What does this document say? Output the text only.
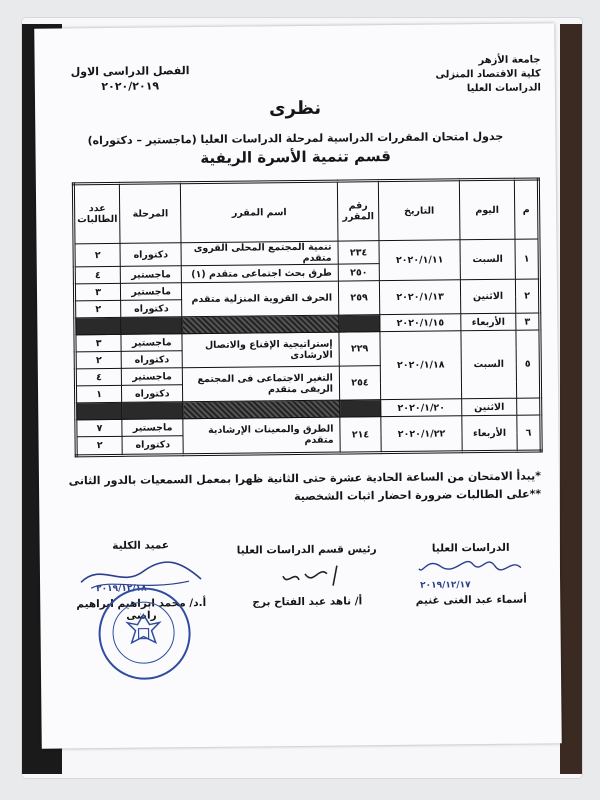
جامعة الأزهر
كلية الاقتصاد المنزلى
الدراسات العليا
الفصل الدراسى الاول
٢٠٢٠/٢٠١٩
نظرى
جدول امتحان المقررات الدراسية لمرحلة الدراسات العليا (ماجستير – دكتوراه)
قسم تنمية الأسرة الريفية
م	اليوم	التاريخ	رقم المقرر	اسم المقرر	المرحلة	عدد الطالبات
١	السبت	٢٠٢٠/١/١١	٢٣٤	تنمية المجتمع المحلى القروى متقدم	دكتوراه	٢
			٢٥٠	طرق بحث اجتماعى متقدم (١)	ماجستير	٤
٢	الاثنين	٢٠٢٠/١/١٣	٢٥٩	الحرف القروية المنزلية متقدم	ماجستير	٣
					دكتوراه	٢
٣	الأربعاء	٢٠٢٠/١/١٥				
٥	السبت	٢٠٢٠/١/١٨	٢٢٩	إستراتيجية الإقناع والاتصال الارشادى	ماجستير	٣
					دكتوراه	٢
			٢٥٤	التغير الاجتماعى فى المجتمع الريفى متقدم	ماجستير	٤
					دكتوراه	١
	الاثنين	٢٠٢٠/١/٢٠				
٦	الأربعاء	٢٠٢٠/١/٢٢	٢١٤	الطرق والمعينات الإرشادية متقدم	ماجستير	٧
					دكتوراه	٢
*يبدأ الامتحان من الساعة الحادية عشرة حتى الثانية ظهرا بمعمل السمعيات بالدور الثانى
**على الطالبات ضرورة احضار اثبات الشخصية
الدراسات العليا
٢٠١٩/١٢/١٧
أسماء عبد الغنى غنيم
رئيس قسم الدراسات العليا
أ/ ناهد عبد الفتاح برج
عميد الكلية
٢٠١٩/١٢/١٨
أ.د/ محمد ابراهيم ابراهيم راضى
